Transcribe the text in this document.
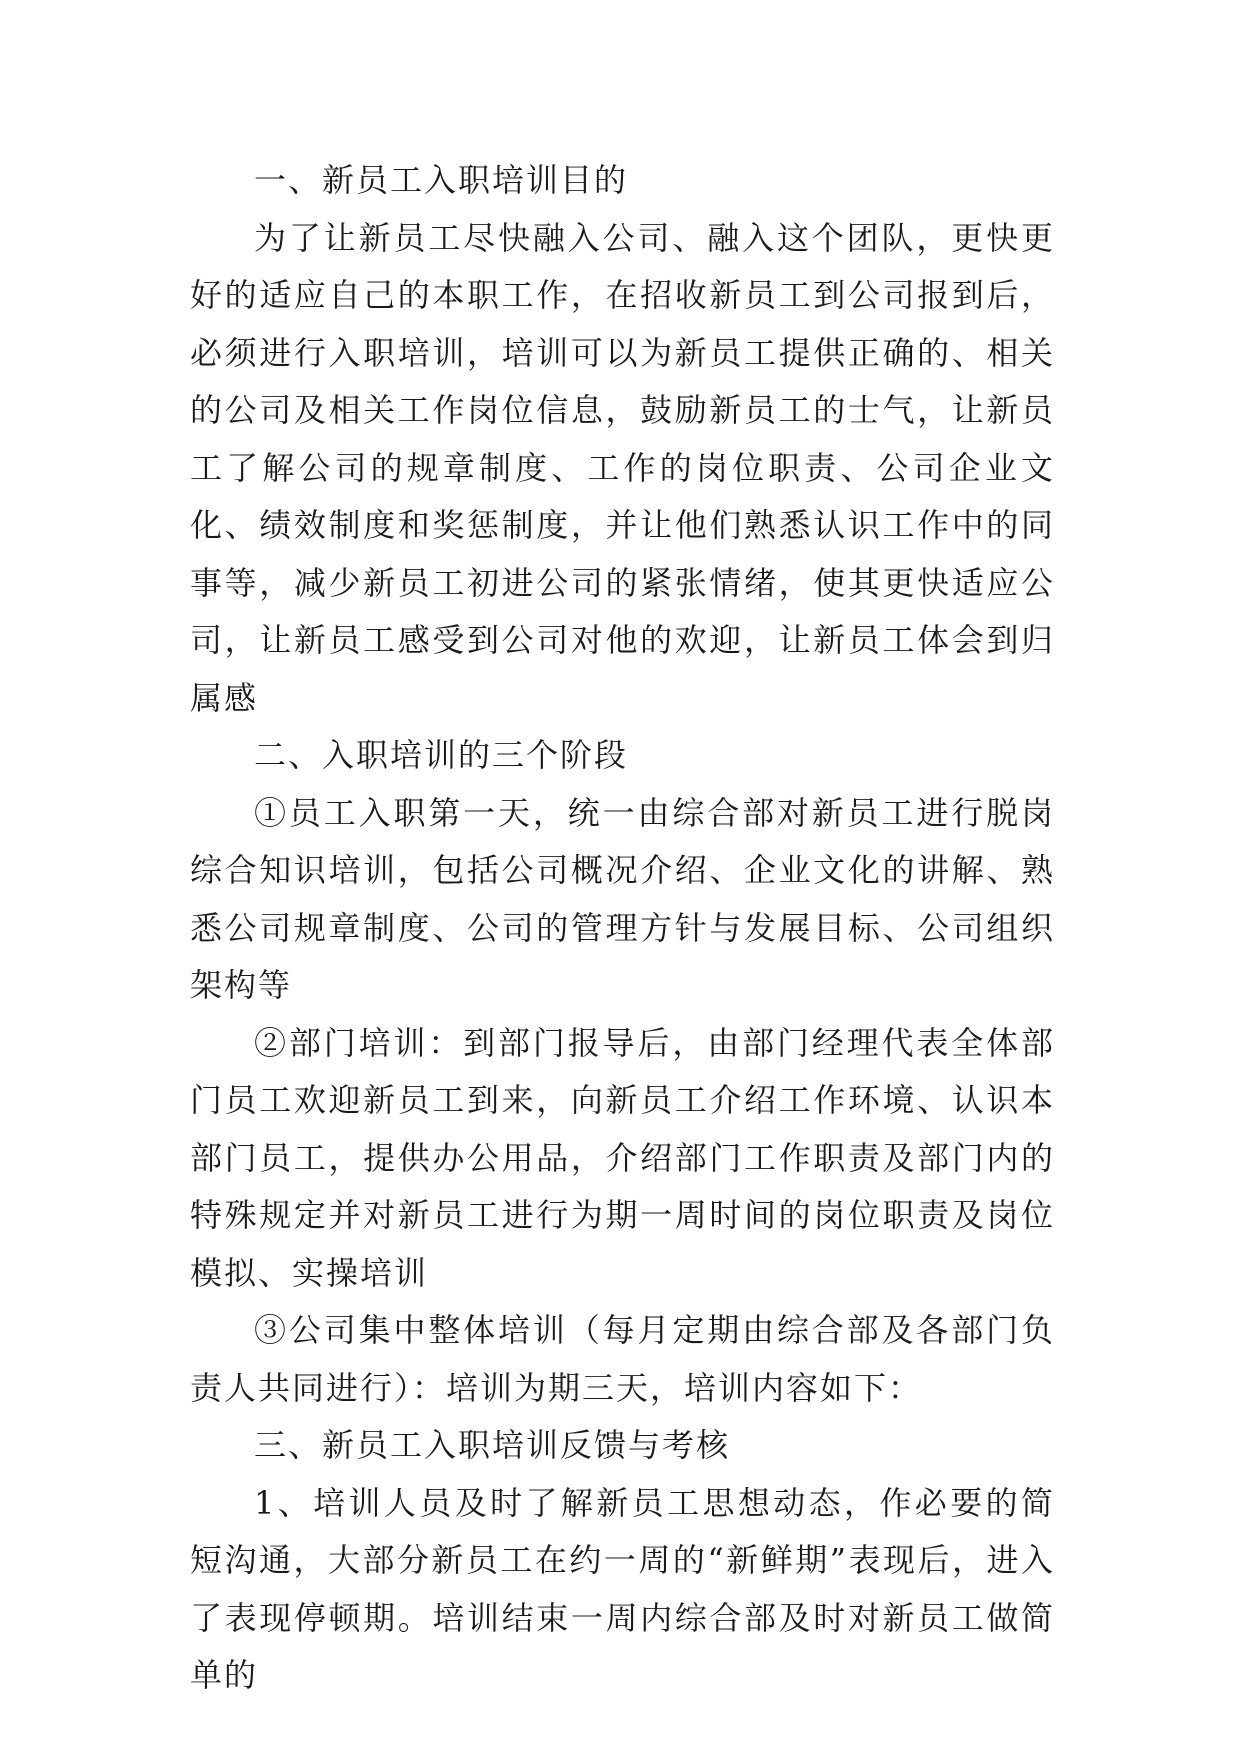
一、新员工入职培训目的

为了让新员工尽快融入公司、融入这个团队，更快更好的适应自己的本职工作，在招收新员工到公司报到后，必须进行入职培训，培训可以为新员工提供正确的、相关的公司及相关工作岗位信息，鼓励新员工的士气，让新员工了解公司的规章制度、工作的岗位职责、公司企业文化、绩效制度和奖惩制度，并让他们熟悉认识工作中的同事等，减少新员工初进公司的紧张情绪，使其更快适应公司，让新员工感受到公司对他的欢迎，让新员工体会到归属感

二、入职培训的三个阶段

①员工入职第一天，统一由综合部对新员工进行脱岗综合知识培训，包括公司概况介绍、企业文化的讲解、熟悉公司规章制度、公司的管理方针与发展目标、公司组织架构等

②部门培训：到部门报导后，由部门经理代表全体部门员工欢迎新员工到来，向新员工介绍工作环境、认识本部门员工，提供办公用品，介绍部门工作职责及部门内的特殊规定并对新员工进行为期一周时间的岗位职责及岗位模拟、实操培训

③公司集中整体培训（每月定期由综合部及各部门负责人共同进行）：培训为期三天，培训内容如下：

三、新员工入职培训反馈与考核

1、培训人员及时了解新员工思想动态，作必要的简短沟通，大部分新员工在约一周的“新鲜期”表现后，进入了表现停顿期。培训结束一周内综合部及时对新员工做简单的
